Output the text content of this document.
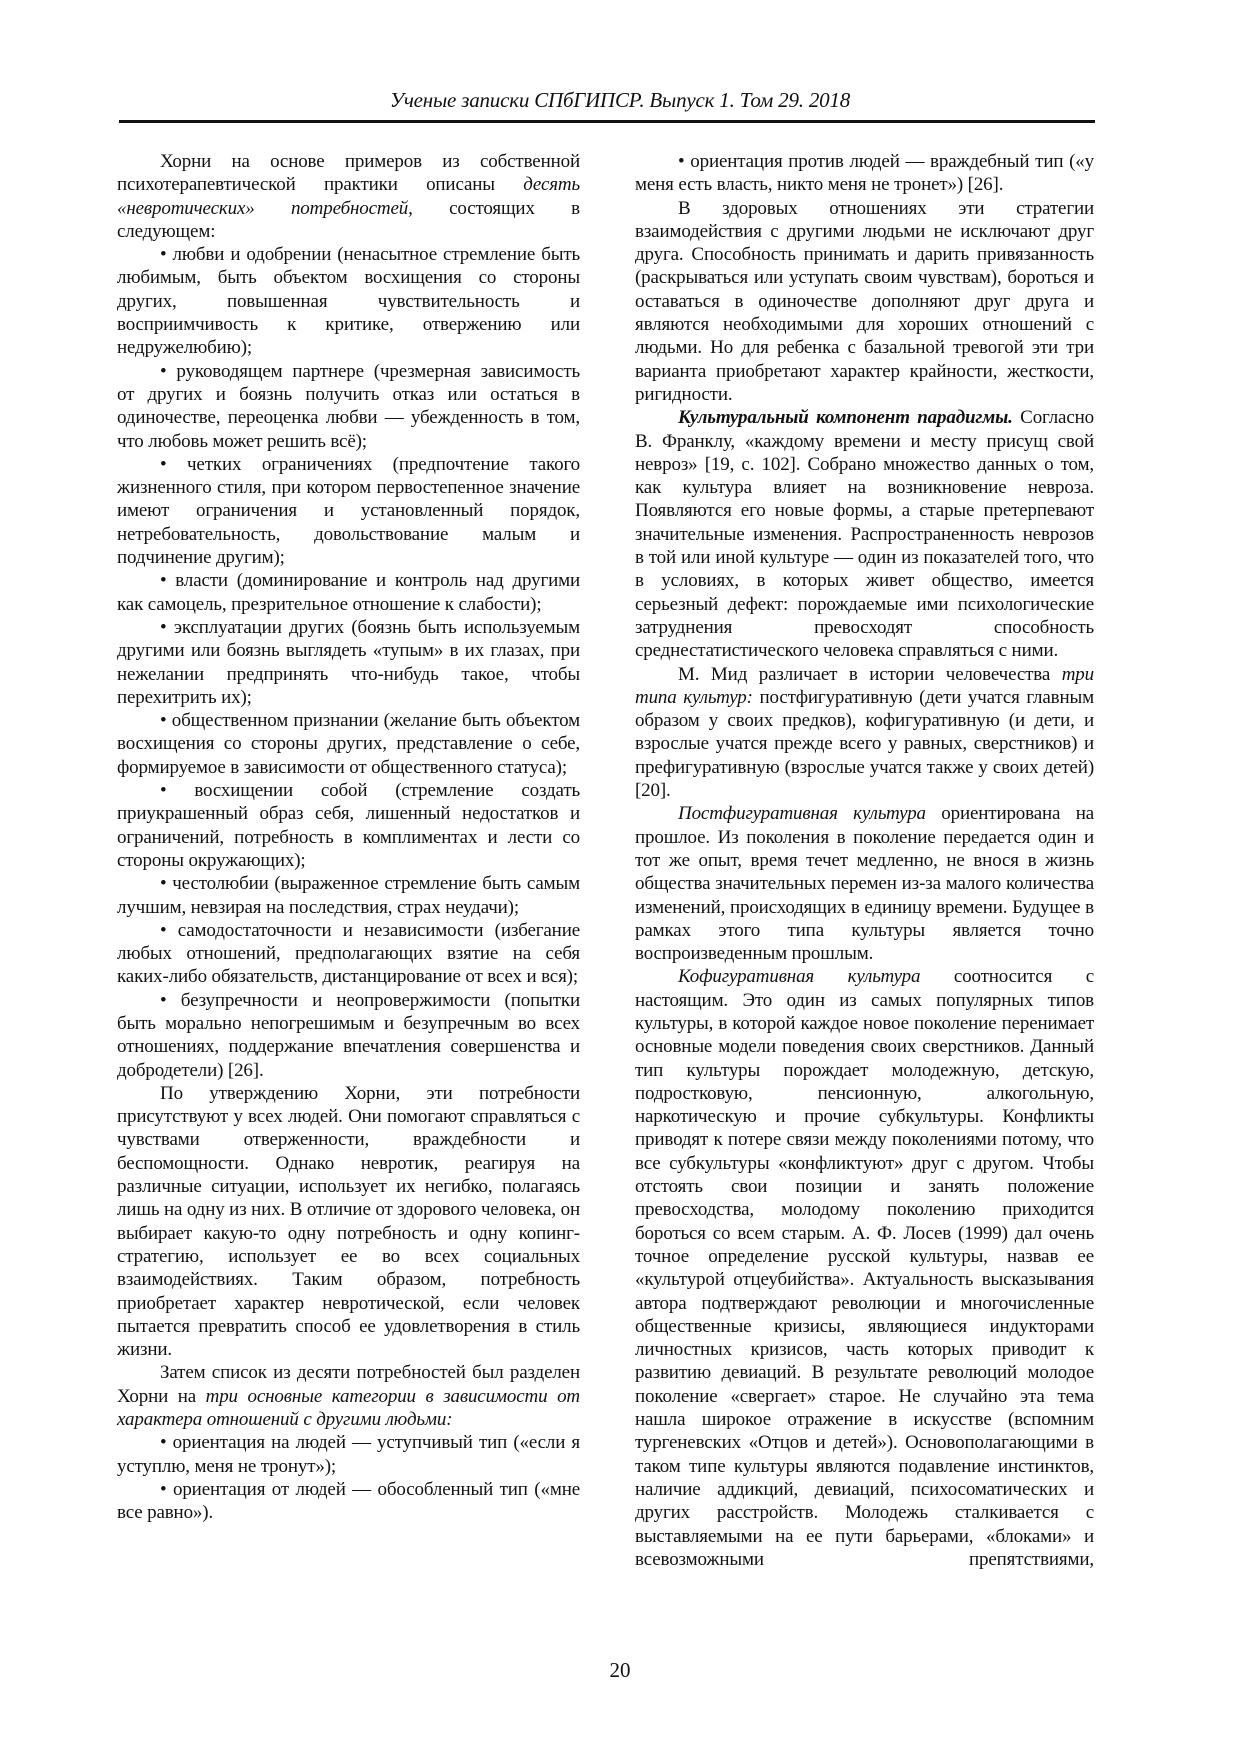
Ученые записки СПбГИПСР. Выпуск 1. Том 29. 2018

Хорни на основе примеров из собственной психотерапевтической практики описаны десять «невротических» потребностей, состоящих в следующем:

• любви и одобрении (ненасытное стремление быть любимым, быть объектом восхищения со стороны других, повышенная чувствительность и восприимчивость к критике, отвержению или недружелюбию);

• руководящем партнере (чрезмерная зависимость от других и боязнь получить отказ или остаться в одиночестве, переоценка любви — убежденность в том, что любовь может решить всё);

• четких ограничениях (предпочтение такого жизненного стиля, при котором первостепенное значение имеют ограничения и установленный порядок, нетребовательность, довольствование малым и подчинение другим);

• власти (доминирование и контроль над другими как самоцель, презрительное отношение к слабости);

• эксплуатации других (боязнь быть используемым другими или боязнь выглядеть «тупым» в их глазах, при нежелании предпринять что-нибудь такое, чтобы перехитрить их);

• общественном признании (желание быть объектом восхищения со стороны других, представление о себе, формируемое в зависимости от общественного статуса);

• восхищении собой (стремление создать приукрашенный образ себя, лишенный недостатков и ограничений, потребность в комплиментах и лести со стороны окружающих);

• честолюбии (выраженное стремление быть самым лучшим, невзирая на последствия, страх неудачи);

• самодостаточности и независимости (избегание любых отношений, предполагающих взятие на себя каких-либо обязательств, дистанцирование от всех и вся);

• безупречности и неопровержимости (попытки быть морально непогрешимым и безупречным во всех отношениях, поддержание впечатления совершенства и добродетели) [26].

По утверждению Хорни, эти потребности присутствуют у всех людей. Они помогают справляться с чувствами отверженности, враждебности и беспомощности. Однако невротик, реагируя на различные ситуации, использует их негибко, полагаясь лишь на одну из них. В отличие от здорового человека, он выбирает какую-то одну потребность и одну копинг-стратегию, использует ее во всех социальных взаимодействиях. Таким образом, потребность приобретает характер невротической, если человек пытается превратить способ ее удовлетворения в стиль жизни.

Затем список из десяти потребностей был разделен Хорни на три основные категории в зависимости от характера отношений с другими людьми:

• ориентация на людей — уступчивый тип («если я уступлю, меня не тронут»);

• ориентация от людей — обособленный тип («мне все равно»).

• ориентация против людей — враждебный тип («у меня есть власть, никто меня не тронет») [26].

В здоровых отношениях эти стратегии взаимодействия с другими людьми не исключают друг друга. Способность принимать и дарить привязанность (раскрываться или уступать своим чувствам), бороться и оставаться в одиночестве дополняют друг друга и являются необходимыми для хороших отношений с людьми. Но для ребенка с базальной тревогой эти три варианта приобретают характер крайности, жесткости, ригидности.

Культуральный компонент парадигмы. Согласно В. Франклу, «каждому времени и месту присущ свой невроз» [19, с. 102]. Собрано множество данных о том, как культура влияет на возникновение невроза. Появляются его новые формы, а старые претерпевают значительные изменения. Распространенность неврозов в той или иной культуре — один из показателей того, что в условиях, в которых живет общество, имеется серьезный дефект: порождаемые ими психологические затруднения превосходят способность среднестатистического человека справляться с ними.

М. Мид различает в истории человечества три типа культур: постфигуративную (дети учатся главным образом у своих предков), кофигуративную (и дети, и взрослые учатся прежде всего у равных, сверстников) и префигуративную (взрослые учатся также у своих детей) [20].

Постфигуративная культура ориентирована на прошлое. Из поколения в поколение передается один и тот же опыт, время течет медленно, не внося в жизнь общества значительных перемен из-за малого количества изменений, происходящих в единицу времени. Будущее в рамках этого типа культуры является точно воспроизведенным прошлым.

Кофигуративная культура соотносится с настоящим. Это один из самых популярных типов культуры, в которой каждое новое поколение перенимает основные модели поведения своих сверстников. Данный тип культуры порождает молодежную, детскую, подростковую, пенсионную, алкогольную, наркотическую и прочие субкультуры. Конфликты приводят к потере связи между поколениями потому, что все субкультуры «конфликтуют» друг с другом. Чтобы отстоять свои позиции и занять положение превосходства, молодому поколению приходится бороться со всем старым. А. Ф. Лосев (1999) дал очень точное определение русской культуры, назвав ее «культурой отцеубийства». Актуальность высказывания автора подтверждают революции и многочисленные общественные кризисы, являющиеся индукторами личностных кризисов, часть которых приводит к развитию девиаций. В результате революций молодое поколение «свергает» старое. Не случайно эта тема нашла широкое отражение в искусстве (вспомним тургеневских «Отцов и детей»). Основополагающими в таком типе культуры являются подавление инстинктов, наличие аддикций, девиаций, психосоматических и других расстройств. Молодежь сталкивается с выставляемыми на ее пути барьерами, «блоками» и всевозможными препятствиями,

20
